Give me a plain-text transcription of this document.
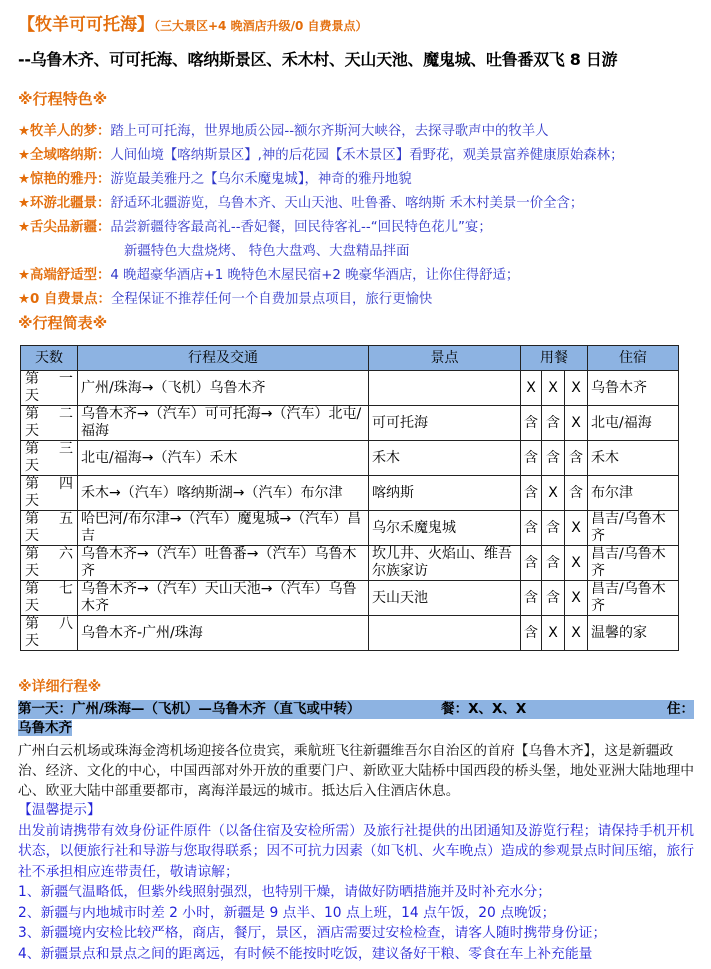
【牧羊可可托海】（三大景区+4 晚酒店升级/0 自费景点）
--乌鲁木齐、可可托海、喀纳斯景区、禾木村、天山天池、魔鬼城、吐鲁番双飞 8 日游
※行程特色※
★牧羊人的梦：踏上可可托海，世界地质公园--额尔齐斯河大峡谷，去探寻歌声中的牧羊人
★全域喀纳斯：人间仙境【喀纳斯景区】,神的后花园【禾木景区】看野花，观美景富养健康原始森林；
★惊艳的雅丹：游览最美雅丹之【乌尔禾魔鬼城】，神奇的雅丹地貌
★环游北疆景：舒适环北疆游览，乌鲁木齐、天山天池、吐鲁番、喀纳斯 禾木村美景一价全含；
★舌尖品新疆：品尝新疆待客最高礼--香妃餐，回民待客礼--“回民特色花儿”宴；
新疆特色大盘烧烤、 特色大盘鸡、大盘精品拌面
★高端舒适型：4 晚超豪华酒店+1 晚特色木屋民宿+2 晚豪华酒店，让你住得舒适；
★0 自费景点：全程保证不推荐任何一个自费加景点项目，旅行更愉快
※行程简表※
天数	行程及交通	景点	用餐			住宿
第 一 天	广州/珠海→（飞机）乌鲁木齐		X	X	X	乌鲁木齐
第 二 天	乌鲁木齐→（汽车）可可托海→（汽车）北屯/福海	可可托海	含	含	X	北屯/福海
第 三 天	北屯/福海→（汽车）禾木	禾木	含	含	含	禾木
第 四 天	禾木→（汽车）喀纳斯湖→（汽车）布尔津	喀纳斯	含	X	含	布尔津
第 五 天	哈巴河/布尔津→（汽车）魔鬼城→（汽车）昌吉	乌尔禾魔鬼城	含	含	X	昌吉/乌鲁木齐
第 六 天	乌鲁木齐→（汽车）吐鲁番→（汽车）乌鲁木齐	坎儿井、火焰山、维吾尔族家访	含	含	X	昌吉/乌鲁木齐
第 七 天	乌鲁木齐→（汽车）天山天池→（汽车）乌鲁木齐	天山天池	含	含	X	昌吉/乌鲁木齐
第 八 天	乌鲁木齐-广州/珠海		含	X	X	温馨的家
※详细行程※
第一天：广州/珠海—（飞机）—乌鲁木齐（直飞或中转）	餐：X、X、X	住：
乌鲁木齐
广州白云机场或珠海金湾机场迎接各位贵宾，乘航班飞往新疆维吾尔自治区的首府【乌鲁木齐】，这是新疆政治、经济、文化的中心，中国西部对外开放的重要门户、新欧亚大陆桥中国西段的桥头堡，地处亚洲大陆地理中心、欧亚大陆中部重要都市，离海洋最远的城市。抵达后入住酒店休息。
【温馨提示】
出发前请携带有效身份证件原件（以备住宿及安检所需）及旅行社提供的出团通知及游览行程；请保持手机开机状态，以便旅行社和导游与您取得联系；因不可抗力因素（如飞机、火车晚点）造成的参观景点时间压缩，旅行社不承担相应连带责任，敬请谅解；
1、新疆气温略低，但紫外线照射强烈，也特别干燥，请做好防晒措施并及时补充水分；
2、新疆与内地城市时差 2 小时，新疆是 9 点半、10 点上班，14 点午饭，20 点晚饭；
3、新疆境内安检比较严格，商店，餐厅，景区，酒店需要过安检检查，请客人随时携带身份证；
4、新疆景点和景点之间的距离远，有时候不能按时吃饭，建议备好干粮、零食在车上补充能量
